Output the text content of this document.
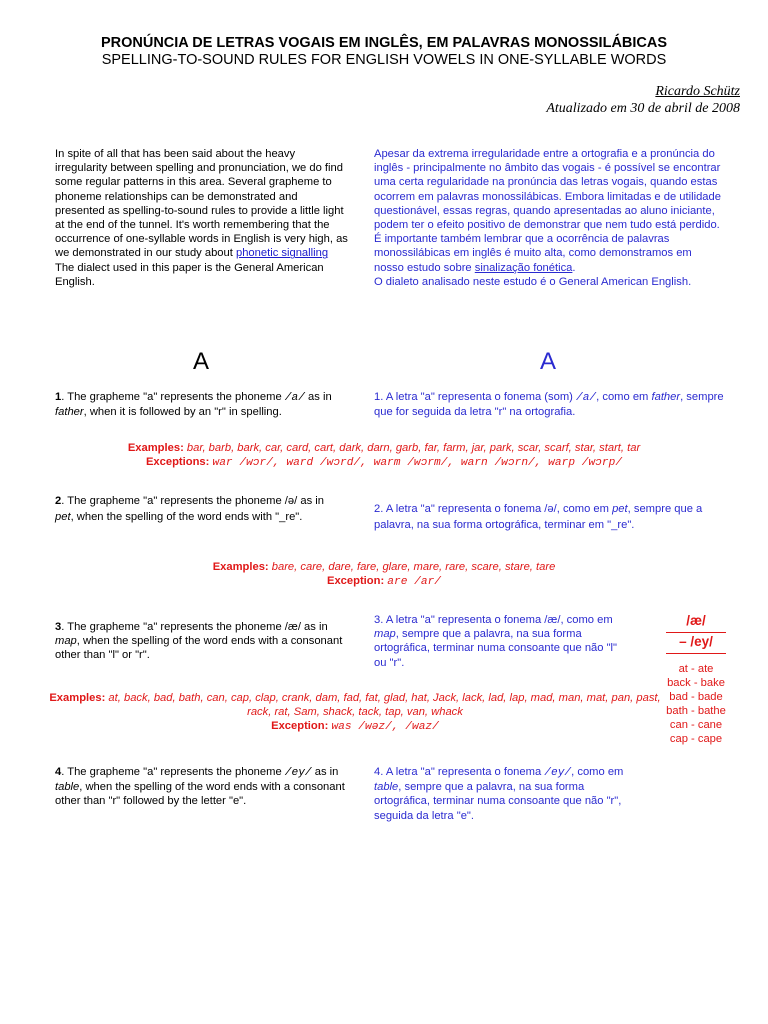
PRONÚNCIA DE LETRAS VOGAIS EM INGLÊS, EM PALAVRAS MONOSSILÁBICAS
SPELLING-TO-SOUND RULES FOR ENGLISH VOWELS IN ONE-SYLLABLE WORDS
Ricardo Schütz
Atualizado em 30 de abril de 2008
In spite of all that has been said about the heavy irregularity between spelling and pronunciation, we do find some regular patterns in this area. Several grapheme to phoneme relationships can be demonstrated and presented as spelling-to-sound rules to provide a little light at the end of the tunnel. It's worth remembering that the occurrence of one-syllable words in English is very high, as we demonstrated in our study about phonetic signalling
The dialect used in this paper is the General American English.
Apesar da extrema irregularidade entre a ortografia e a pronúncia do inglês - principalmente no âmbito das vogais - é possível se encontrar uma certa regularidade na pronúncia das letras vogais, quando estas ocorrem em palavras monossilábicas. Embora limitadas e de utilidade questionável, essas regras, quando apresentadas ao aluno iniciante, podem ter o efeito positivo de demonstrar que nem tudo está perdido. É importante também lembrar que a ocorrência de palavras monossilábicas em inglês é muito alta, como demonstramos em nosso estudo sobre sinalização fonética.
O dialeto analisado neste estudo é o General American English.
A	A
1. The grapheme "a" represents the phoneme /a/ as in father, when it is followed by an "r" in spelling.
1. A letra "a" representa o fonema (som) /a/, como em father, sempre que for seguida da letra "r" na ortografia.
Examples: bar, barb, bark, car, card, cart, dark, darn, garb, far, farm, jar, park, scar, scarf, star, start, tar
Exceptions: war /wɔr/, ward /wɔrd/, warm /wɔrm/, warn /wɔrn/, warp /wɔrp/
2. The grapheme "a" represents the phoneme /ə/ as in pet, when the spelling of the word ends with "_re".
2. A letra "a" representa o fonema /ə/, como em pet, sempre que a palavra, na sua forma ortográfica, terminar em "_re".
Examples: bare, care, dare, fare, glare, mare, rare, scare, stare, tare
Exception: are /ar/
3. The grapheme "a" represents the phoneme /æ/ as in map, when the spelling of the word ends with a consonant other than "l" or "r".
3. A letra "a" representa o fonema /æ/, como em map, sempre que a palavra, na sua forma ortográfica, terminar numa consoante que não "l" ou "r".
Examples: at, back, bad, bath, can, cap, clap, crank, dam, fad, fat, glad, hat, Jack, lack, lad, lap, mad, man, mat, pan, past, rack, rat, Sam, shack, tack, tap, van, whack
Exception: was /wəz/, /waz/
4. The grapheme "a" represents the phoneme /ey/ as in table, when the spelling of the word ends with a consonant other than "r" followed by the letter "e".
4. A letra "a" representa o fonema /ey/, como em table, sempre que a palavra, na sua forma ortográfica, terminar numa consoante que não "r", seguida da letra "e".
/æ/
– /ey/
at - ate
back - bake
bad - bade
bath - bathe
can - cane
cap - cape
